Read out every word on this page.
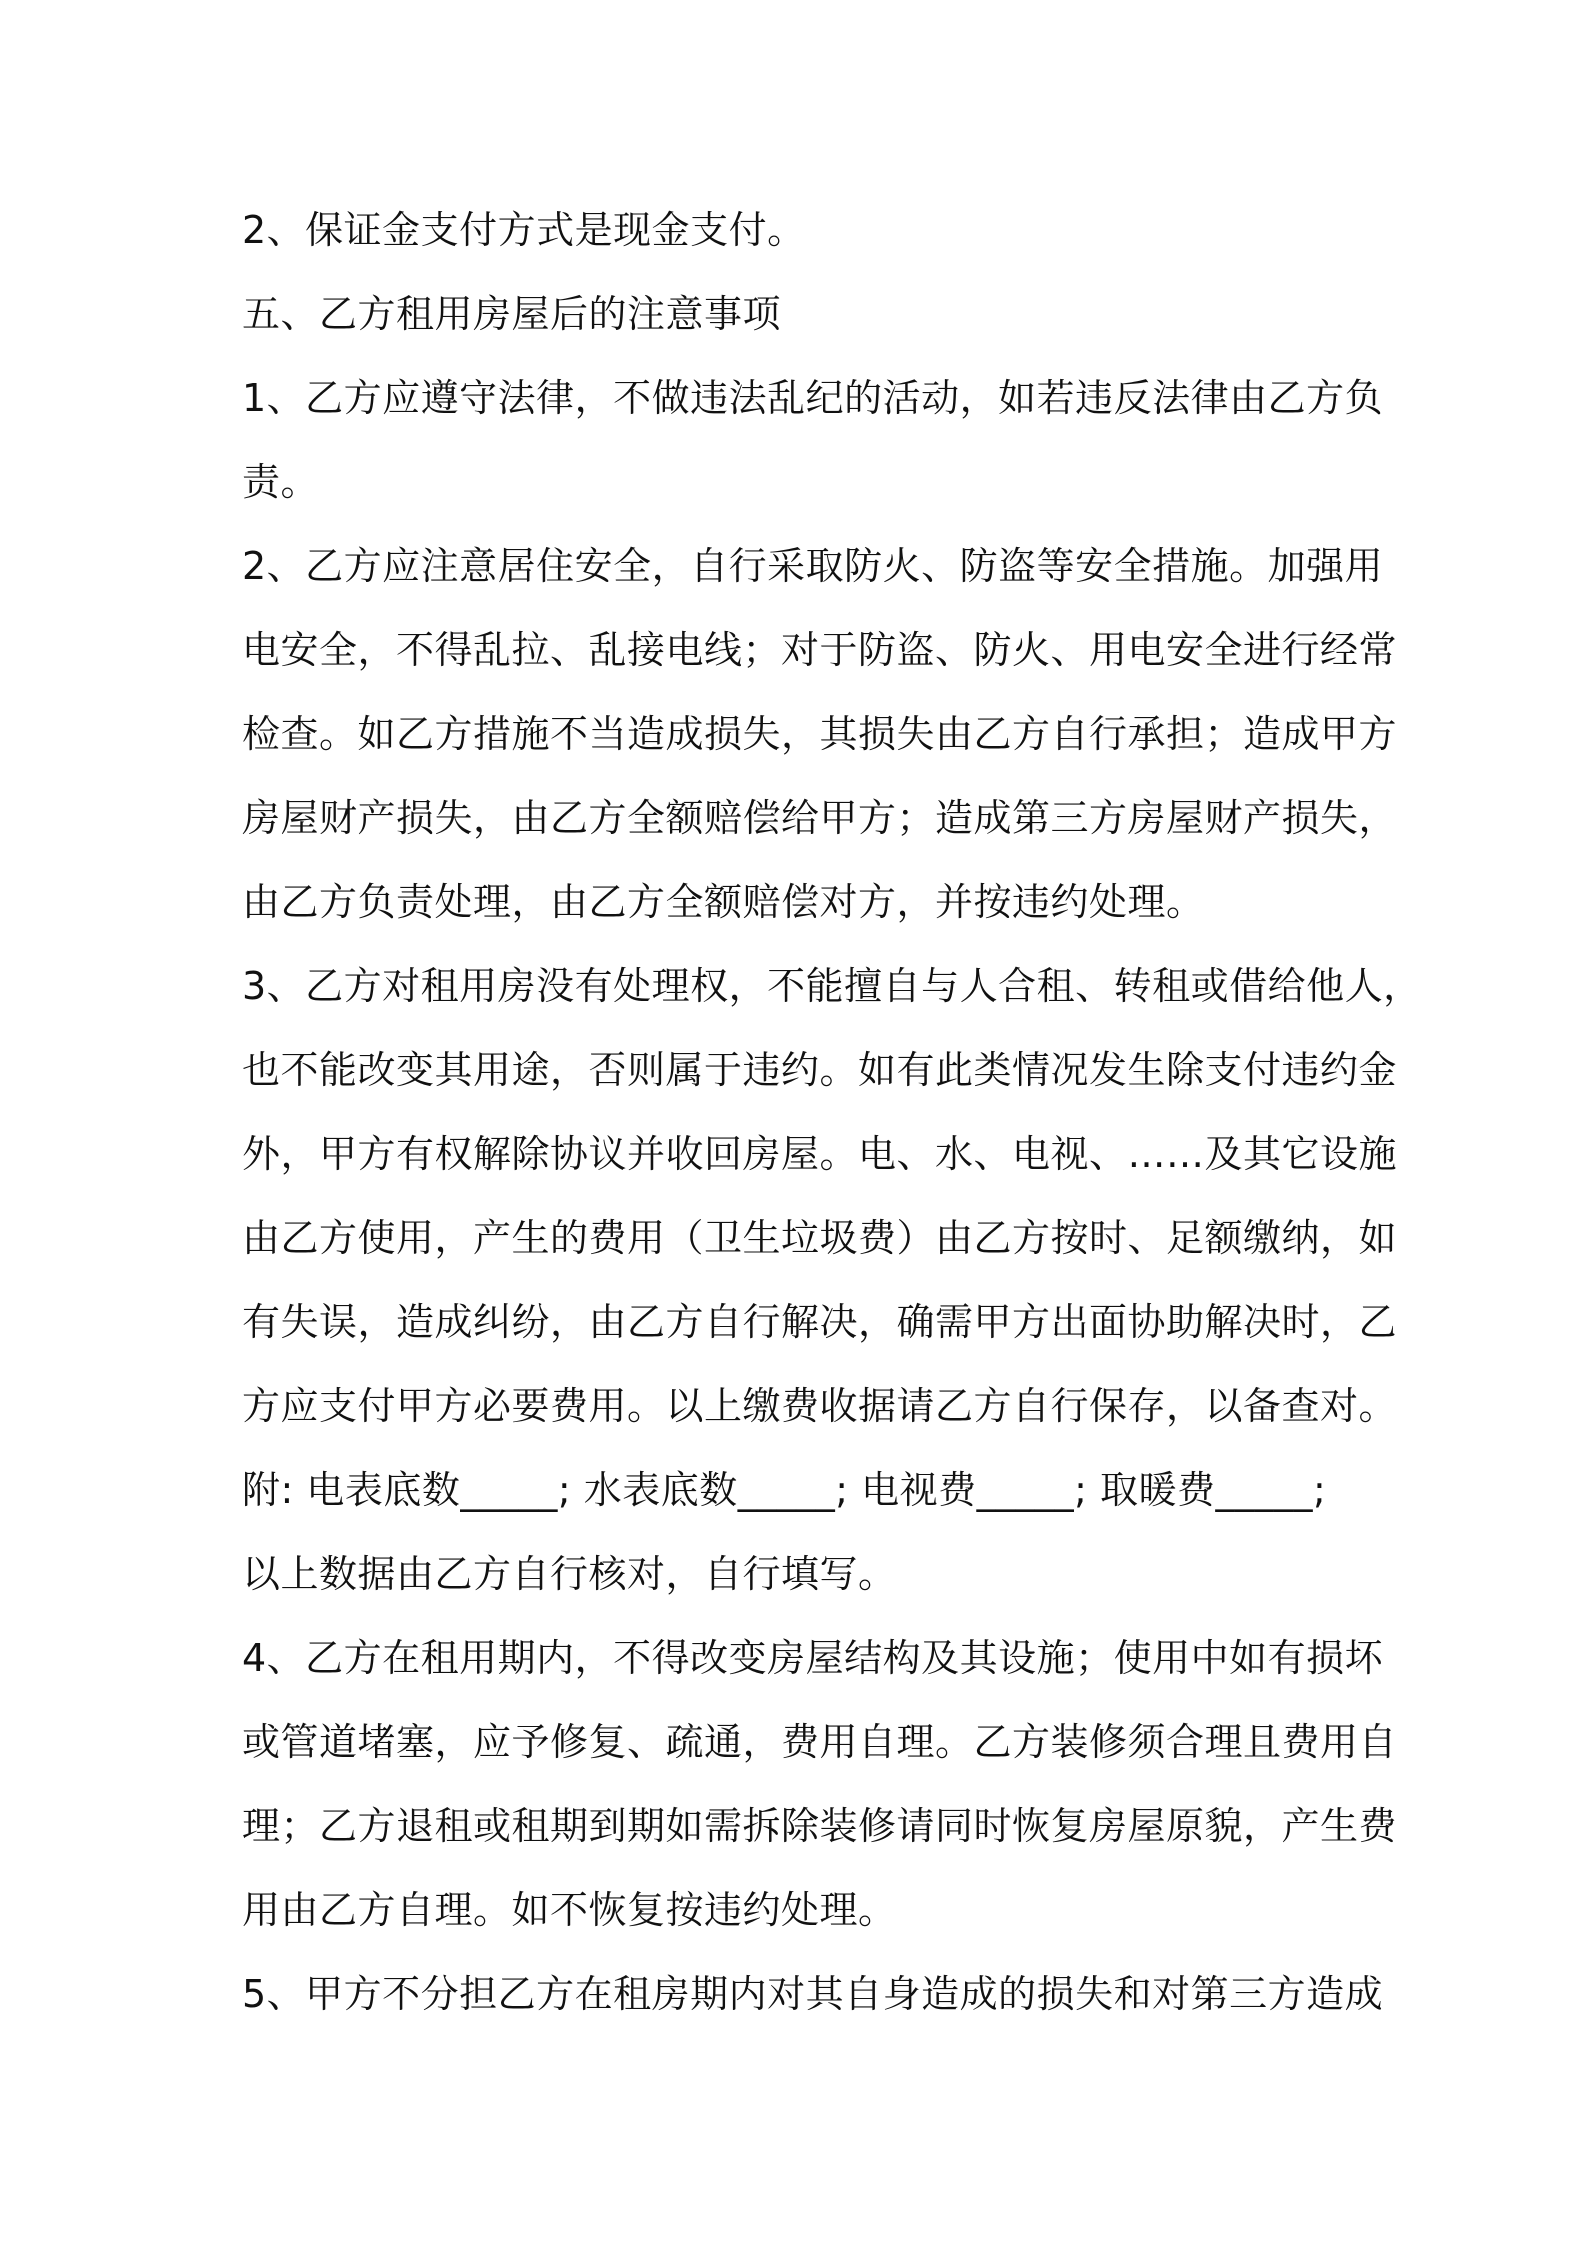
2、保证金支付方式是现金支付。
五、乙方租用房屋后的注意事项
1、乙方应遵守法律，不做违法乱纪的活动，如若违反法律由乙方负
责。
2、乙方应注意居住安全，自行采取防火、防盗等安全措施。加强用
电安全，不得乱拉、乱接电线；对于防盗、防火、用电安全进行经常
检查。如乙方措施不当造成损失，其损失由乙方自行承担；造成甲方
房屋财产损失，由乙方全额赔偿给甲方；造成第三方房屋财产损失，
由乙方负责处理，由乙方全额赔偿对方，并按违约处理。
3、乙方对租用房没有处理权，不能擅自与人合租、转租或借给他人，
也不能改变其用途，否则属于违约。如有此类情况发生除支付违约金
外，甲方有权解除协议并收回房屋。电、水、电视、……及其它设施
由乙方使用，产生的费用（卫生垃圾费）由乙方按时、足额缴纳，如
有失误，造成纠纷，由乙方自行解决，确需甲方出面协助解决时，乙
方应支付甲方必要费用。以上缴费收据请乙方自行保存，以备查对。
附: 电表底数_____; 水表底数_____; 电视费_____; 取暖费_____;
以上数据由乙方自行核对，自行填写。
4、乙方在租用期内，不得改变房屋结构及其设施；使用中如有损坏
或管道堵塞，应予修复、疏通，费用自理。乙方装修须合理且费用自
理；乙方退租或租期到期如需拆除装修请同时恢复房屋原貌，产生费
用由乙方自理。如不恢复按违约处理。
5、甲方不分担乙方在租房期内对其自身造成的损失和对第三方造成
